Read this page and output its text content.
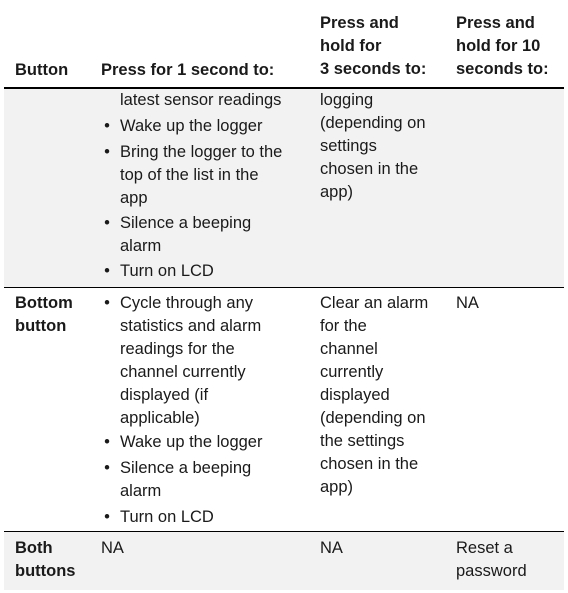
Button Press for 1 second to:
Press and
hold for
3 seconds to:
Press and
hold for 10
seconds to:
latest sensor readings
• Wake up the logger
• Bring the logger to the
top of the list in the
app
• Silence a beeping
alarm
• Turn on LCD
logging
(depending on
settings
chosen in the
app)
Bottom
button
• Cycle through any
statistics and alarm
readings for the
channel currently
displayed (if
applicable)
• Wake up the logger
• Silence a beeping
alarm
• Turn on LCD
Clear an alarm
for the
channel
currently
displayed
(depending on
the settings
chosen in the
app)
NA
Both
buttons
NA	NA	Reset a
password
